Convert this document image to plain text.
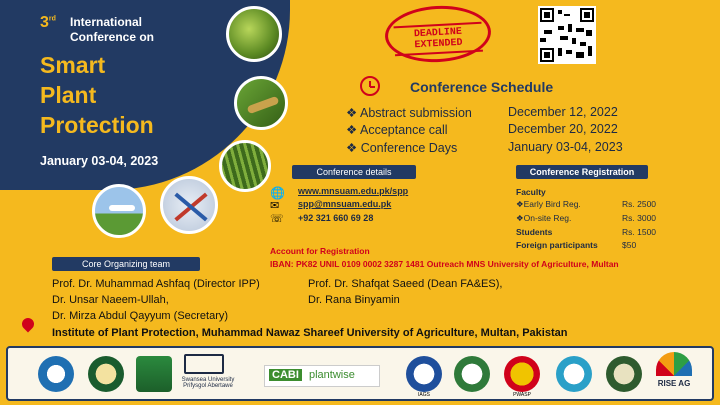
3rd International
Conference on
Smart
Plant
Protection
January 03-04, 2023
DEADLINE EXTENDED
Conference Schedule
❖ Abstract submission	December 12, 2022
❖ Acceptance call	December 20, 2022
❖ Conference Days	January 03-04, 2023
Conference details
🌐
✉
☏
www.mnsuam.edu.pk/spp
spp@mnsuam.edu.pk
+92 321 660 69 28
Conference Registration
Faculty
❖Early Bird Reg.	Rs. 2500
❖On-site Reg.	Rs. 3000
Students	Rs. 1500
Foreign participants	$50
Account for Registration
IBAN: PK82 UNIL 0109 0002 3287 1481 Outreach MNS University of Agriculture, Multan
Core Organizing team
Prof. Dr. Muhammad Ashfaq (Director IPP)	Prof. Dr. Shafqat Saeed (Dean FA&ES),
Dr. Unsar Naeem-Ullah,	Dr. Rana Binyamin
Dr. Mirza Abdul Qayyum (Secretary)
Institute of Plant Protection, Muhammad Nawaz Shareef University of Agriculture, Multan, Pakistan
Swansea University
Prifysgol Abertawe
CABI plantwise
IAGS	PWASP
RISE AG
